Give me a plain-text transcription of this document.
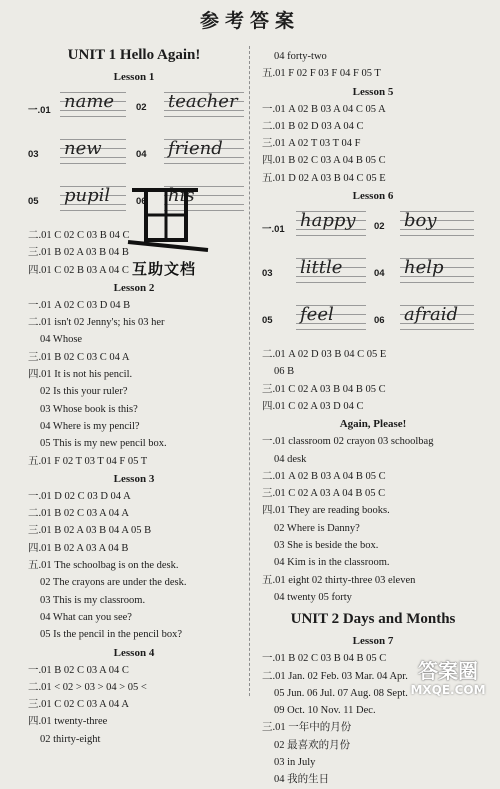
参考答案
UNIT 1 Hello Again!
Lesson 1
一.01 name	02 teacher
03 new	04 friend
05 pupil	06 his
二.01 C 02 C 03 B 04 C
三.01 B 02 A 03 B 04 B
四.01 C 02 B 03 A 04 C
Lesson 2
一.01 A 02 C 03 D 04 B
二.01 isn't 02 Jenny's; his 03 her
04 Whose
三.01 B 02 C 03 C 04 A
四.01 It is not his pencil.
02 Is this your ruler?
03 Whose book is this?
04 Where is my pencil?
05 This is my new pencil box.
五.01 F 02 T 03 T 04 F 05 T
Lesson 3
一.01 D 02 C 03 D 04 A
二.01 B 02 C 03 A 04 A
三.01 B 02 A 03 B 04 A 05 B
四.01 B 02 A 03 A 04 B
五.01 The schoolbag is on the desk.
02 The crayons are under the desk.
03 This is my classroom.
04 What can you see?
05 Is the pencil in the pencil box?
Lesson 4
一.01 B 02 C 03 A 04 C
二.01 < 02 > 03 > 04 > 05 <
三.01 C 02 C 03 A 04 A
四.01 twenty-three
02 thirty-eight
04 forty-two
五.01 F 02 F 03 F 04 F 05 T
Lesson 5
一.01 A 02 B 03 A 04 C 05 A
二.01 B 02 D 03 A 04 C
三.01 A 02 T 03 T 04 F
四.01 B 02 C 03 A 04 B 05 C
五.01 D 02 A 03 B 04 C 05 E
Lesson 6
一.01 happy	02 boy
03 little	04 help
05 feel	06 afraid
二.01 A 02 D 03 B 04 C 05 E
06 B
三.01 C 02 A 03 B 04 B 05 C
四.01 C 02 A 03 D 04 C
Again, Please!
一.01 classroom 02 crayon 03 schoolbag
04 desk
二.01 A 02 B 03 A 04 B 05 C
三.01 C 02 A 03 A 04 B 05 C
四.01 They are reading books.
02 Where is Danny?
03 She is beside the box.
04 Kim is in the classroom.
五.01 eight 02 thirty-three 03 eleven
04 twenty 05 forty
UNIT 2 Days and Months
Lesson 7
一.01 B 02 C 03 B 04 B 05 C
二.01 Jan. 02 Feb. 03 Mar. 04 Apr.
05 Jun. 06 Jul. 07 Aug. 08 Sept.
09 Oct. 10 Nov. 11 Dec.
三.01 一年中的月份
02 最喜欢的月份
03 in July
04 我的生日
互助文档
答案圈
MXQE.COM
